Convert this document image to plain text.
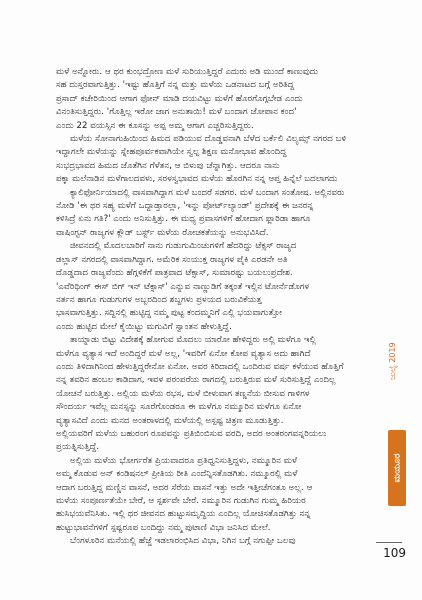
ಮಳೆ ಅನ್ನೋರು. ಆ ಥರ ಕುಂಭದ್ರೋಣ ಮಳೆ ಸುರಿಯುತ್ತಿದ್ದರೆ ಎದುರು ಅಡಿ ಮುಂದೆ ಕಾಣುವುದು
ಸಹ ದುಸ್ತರವಾಗುತ್ತಿತ್ತು. 'ಇಷ್ಟು ಹೊತ್ತಿಗೆ ನನ್ನ ಮತ್ತು ಮಳೆಯ ಒಡನಾಟದ ಬಗ್ಗೆ ಅರಿತಿದ್ದ
ಪ್ರಸಾದ್ ಕಚೇರಿಯಿಂದ ಆಗಾಗ ಫೋನ್ ಮಾಡಿ ದಯವಿಟ್ಟು ಮಳೆಗೆ ಹೊರಗೊಗ್ಗಬೇಡ ಎಂದು
ವಿನಂತಿಸುತ್ತಿದ್ದರು. 'ಗೊತ್ತಿಲ್ಲ ಇರೋ ಜಾಗ ಅನುತಾಯಿ! ಮಳೆ ಬಂದಾಗ ಜೋಪಾನ ಕಂದ'
ಎಂದು 22 ವಯಸ್ಸಿನ ಈ ಕೂಸನ್ನು ಅಪ್ಪ ಅಮ್ಮ ಆಗಾಗ ಎಚ್ಚರಿಸುತ್ತಿದ್ದರು.
ಮಳೆಯ ಸೋನಾಗುಹಿಯಿಂದ ಹಿಮದ ಪಡಿಯುವ ದೊಡ್ಡವನಾಗಿ ಬೆಳೆದ ಬರ್ಕೆಲಿ ವಿಲ್ಯಮ್ಸ್ ನಗರದ ಬಳಿ
ಇದ್ದಾಗಲೇ ಮಳೆಯನ್ನು ಸ್ನೇಹಪೂರ್ವಕವಾಗಿಯೇ ಸ್ವಲ್ಪ ಶಿಕ್ಷಣ ಮನೋಭಾವ ಹೊಂದಿದ್ದ
ಸುಭದ್ರಭಾವದ ಹಿಮದ ಜೊತೆಗಿನ ಗೆಳೆತನ, ಆ ಬಿಳುಪು ಚೆನ್ನಾಗಿತ್ತು. ಆದರೂ ನಾನು
ಪಕ್ಕಾ ಮಲೆನಾಡಿನ ಮಳೆಗಾಲದವಳು, ಸರಳಸ್ವಭಾವದ ಮಳೆಯ ಹೊರಗಿನ ನನ್ನ ಆಪ್ತ ಹಿನ್ನೆಲೆ ಬದಲಾಗದು
ಕ್ಯಾಲಿಫೋರ್ನಿಯಾದಲ್ಲಿ ವಾಸವಾಗಿದ್ದಾಗ ಮಳೆ ಬಂದರೆ ಸಡಗರ. ಮಳೆ ಬಂದಾಗ ಸಂತೋಷ. ಅಲ್ಲಿನವರು
ನೋಡಿ 'ಈ ಥರ ಸಹ್ಯ ಮಳೆಗೆ ಒದ್ದಾಡ್ತಾರಲ್ಲಾ, 'ಇನ್ನು ಪೋರ್ಟ್‌ಲ್ಯಾಂಡ್' ಪ್ರದೇಶಕ್ಕೆ ಈ ಜನರನ್ನ
ಕಳಿಸಿದ್ರೆ ಏನು ಗತಿ?' ಎಂದು ಅನಿಸುತ್ತಿತ್ತು. ಈ ಮಧ್ಯ ಪ್ರವಾಸಗಳಿಗೆ ಹೋದಾಗ ಫ್ಲಾರಿಡಾ ಹಾಗೂ
ವಾಷಿಂಗ್ಟನ್ ರಾಜ್ಯಗಳ ಕ್ಲೌಡ್ ಬರ್ಸ್ಟ್ ಮಳೆಯ ರೋಚಕತೆಯನ್ನು ಅನುಭವಿಸಿದೆ.
ಜೀವನದಲ್ಲಿ ಮೊದಲಬಾರಿಗೆ ನಾನು ಗುಡುಗುಮಿಂಚುಗಳಿಗೆ ಹೆದರಿದ್ದು ಟೆಕ್ಸಸ್ ರಾಜ್ಯದ
ಡಲ್ಲಾಸ್ ನಗರದಲ್ಲಿ ವಾಸವಾಗಿದ್ದಾಗ. ಅಮೆರಿಕ ಸಂಯುಕ್ತ ರಾಜ್ಯಗಳ ಪೈಕಿ ಎರಡನೇ ಅತಿ
ದೊಡ್ಡದಾದ ರಾಜ್ಯವೆಂದು ಹೆಗ್ಗಳಿಕೆಗೆ ಪಾತ್ರವಾದ ಟೆಕ್ಸಾಸ್, ಸುಮಾರಷ್ಟು ಬಯಲುಪ್ರದೇಶ.
'ಎವೆರಿಥಿಂಗ್ ಈಸ್ ಬಿಗ್ ಇನ್ ಟೆಕ್ಸಾಸ್' ಎನ್ನುವ ನಾಣ್ಣುಡಿಗೆ ತಕ್ಕಂತೆ ಇಲ್ಲಿನ ಟೋರ್ನೆಡೊಗಳ
ನರ್ತನ ಹಾಗೂ ಗುಡುಗುಗಳ ಅಬ್ಬರದಿಂದ ಶಬ್ದಗಳು ಪ್ರಳಯದ ಬರುವಿಕೆಯತ್ತ
ಭಾಸವಾಗುತ್ತಿತ್ತು. ಸದ್ದಿನಲ್ಲಿ ಹುಟ್ಟಿದ್ದ ನಮ್ಮ ಪುಟ್ಟ ಕಂದಮ್ಮನಿಗೆ ಎಲ್ಲಿ ಭಯವಾಗುತ್ತೋ
ಎಂದು ಹುಟ್ಟಿದ ಮೇಲೆ ಕೈಯಿಟ್ಟು ಮಗುವಿಗೆ ಸ್ವಾಂತನ ಹೇಳುತ್ತಿದ್ದೆ.
ತಾಯ್ನಾಡು ಬಿಟ್ಟು ವಿದೇಶಕ್ಕೆ ಹೋಗುವ ಮೊದಲು ಯಾರೋ ಹೇಳಿದ್ದರು ಅಲ್ಲಿ ಮಳೆಗೂ ಇಲ್ಲಿ
ಮಳೆಗೂ ವ್ಯತ್ಯಾಸ ಇದೆ ಅಂದಿದ್ದರೆ ಮಳೆ ಅಲ್ಲ, 'ಇವರಿಗೆ ಏನೋ ಕೋಪ ವ್ಯತ್ಯಾಸ ಅದು ಹಾಗಿದೆ
ಎಂದು ತಿಳಿದಾಗಿನಿಂದ ಹೇಳುತ್ತಿದ್ದರೇನೋ ಏನೋ. ಅವರ ಕಿರಿದಾದಲ್ಲಿ ಒಂದಿರುವ ವರ್ಷ ಕಳೆಯುವ ಹೊತ್ತಿಗೆ
ನನ್ನ ತವರಿನ ಹಂಬಲ ಕಾಡಿದಾಗ, ಇವಳ ಪರಂಪರೆಯ ರಾಗದಲ್ಲಿ ಬರುತ್ತಿರುವ ಮಳೆ ಸುರಿಸುತ್ತಿದ್ದೆ ಎಂದಿಲ್ಲ
ಯೋಚನೆ ಬರುತ್ತಿತ್ತು. ಅಲ್ಲಿಯ ಮಳೆಯ ರಭಸ, ಮಳೆ ಬೀಳುವಾಗ ತಣ್ಣನೆಯ ಬೀಸುವ ಗಾಳಿಗಳ
ಸೌಂದರ್ಯ ಇವೆಲ್ಲ ಮನಸ್ಸನ್ನು ಸೂರೆಗೊಂಡರೂ ಈ ಮಳೆಗೂ ನಮ್ಮೂರಿನ ಮಳೆಗೂ ಏನೋ
ವ್ಯತ್ಯಾಸವಿದೆ ಎಂದು ಮನದ ಅಂತರಾಳದಲ್ಲಿ ಮಳೆಯಲ್ಲಿ ಅಸ್ಪಷ್ಟ ಚಿತ್ರಣ ಮೂಡುತ್ತಿತ್ತು.
ಅಲ್ಲಿಯವರಿಗೆ ಮಳೆಯ ಬಹುರಂಗ ರೂಪವನ್ನು ಪ್ರತಿಬಿಂಬಿಸುವ ವರದಿ, ಅದರ ಅಂತರಂಗವನ್ನರಿಯಲು
ಪ್ರಯತ್ನಿಸುತ್ತಿದ್ದೆ.
ಅಲ್ಲಿಯ ಮಳೆಯ ಭೋರ್ಗರೆತ ಪ್ರಿಯವಾದರೂ ಪ್ರತಿಧ್ವನಿಸುತ್ತಿದ್ದಳು, ನಮ್ಮೂರಿನ ಮಳೆ
ಅಮ್ಮ ಕೊಡುವ ಅನ್ ಕಂಡಿಷನಲ್ ಪ್ರೀತಿಯ ರೀತಿ ಎಂದೆನ್ನಿಸತೊಡಗಿತು. ನಮ್ಮೂರಲ್ಲಿ ಮಳೆ
ಆದಾಗ ಬರುತ್ತಿದ್ದ ಮಣ್ಣಿನ ವಾಸನೆ, ಅದರ ಸೆರೆಯ ವಾಸನೆ ಇತ್ತು ಅದೇ ಇತ್ತೀಚೆಗಂತೂ ಅಲ್ಲ. ಆ
ಮಳೆಯ ಸಂಪೂರ್ಣತೆಯೇ ಬೇರೆ, ಆ ಸ್ಪರ್ಶವೇ ಬೇರೆ. ನಮ್ಮೂರಿನ ಗುಡುಗಿನ ಗುಮ್ಮ ಹಿರಿಯರ
ಹುಸಿಭಯವೆನಿಸಿತು. ಇಲ್ಲಿ ಥರ ಜೀವನದ ಹುಟ್ಟುಸಮೃದ್ಧಿಯ ಎಂದಿಲ್ಲ ಯೋಚಿಸತೊಡಗಿತ್ತು ನನ್ನ
ಹುಟ್ಟುಭಾವನೆಗಳಿಗೆ ಸ್ಪಷ್ಟರೂಪ ಬಂದಿದ್ದು ನಮ್ಮ ಪುಟಾಣಿ ವಿಭಾ ಜನಿಸಿದ ಮೇಲೆ.
ಬೆಂಗಳೂರಿನ ಮನೆಯಲ್ಲಿ ಹೆಜ್ಜೆ ಇಡಲಾರಂಭಿಸಿದ ವಿಭಾ, ನಿಗಿನ ಬಗ್ಗೆ ನಗುಪ್ಪೀ ಒಲವು
ಜುಲೈ 2019
ಮಯೂರ
109
